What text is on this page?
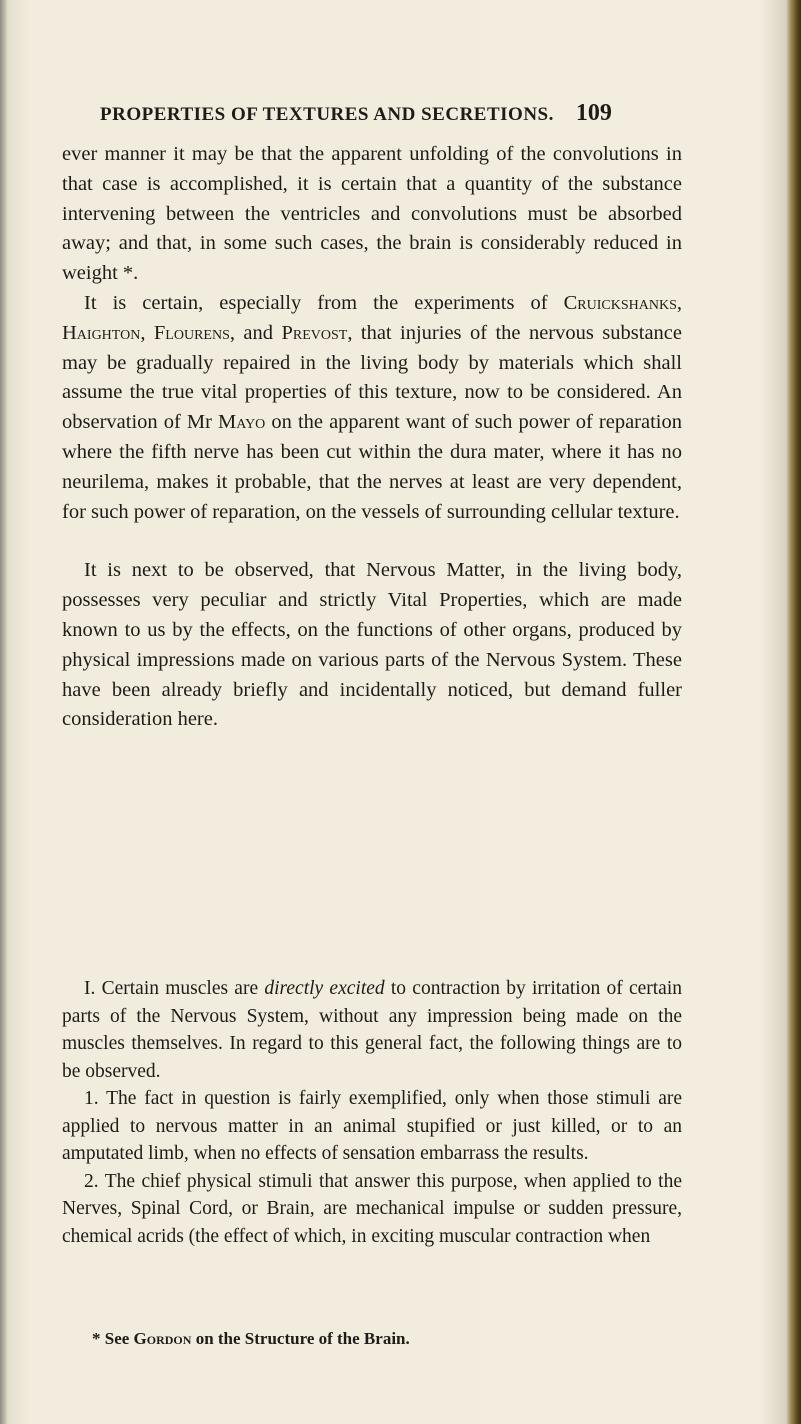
PROPERTIES OF TEXTURES AND SECRETIONS. 109

ever manner it may be that the apparent unfolding of the convolutions in that case is accomplished, it is certain that a quantity of the substance intervening between the ventricles and convolutions must be absorbed away; and that, in some such cases, the brain is considerably reduced in weight *.

It is certain, especially from the experiments of Cruickshanks, Haighton, Flourens, and Prevost, that injuries of the nervous substance may be gradually repaired in the living body by materials which shall assume the true vital properties of this texture, now to be considered. An observation of Mr Mayo on the apparent want of such power of reparation where the fifth nerve has been cut within the dura mater, where it has no neurilema, makes it probable, that the nerves at least are very dependent, for such power of reparation, on the vessels of surrounding cellular texture.

It is next to be observed, that Nervous Matter, in the living body, possesses very peculiar and strictly Vital Properties, which are made known to us by the effects, on the functions of other organs, produced by physical impressions made on various parts of the Nervous System. These have been already briefly and incidentally noticed, but demand fuller consideration here.

I. Certain muscles are directly excited to contraction by irritation of certain parts of the Nervous System, without any impression being made on the muscles themselves. In regard to this general fact, the following things are to be observed.

1. The fact in question is fairly exemplified, only when those stimuli are applied to nervous matter in an animal stupified or just killed, or to an amputated limb, when no effects of sensation embarrass the results.

2. The chief physical stimuli that answer this purpose, when applied to the Nerves, Spinal Cord, or Brain, are mechanical impulse or sudden pressure, chemical acrids (the effect of which, in exciting muscular contraction when

* See Gordon on the Structure of the Brain.
